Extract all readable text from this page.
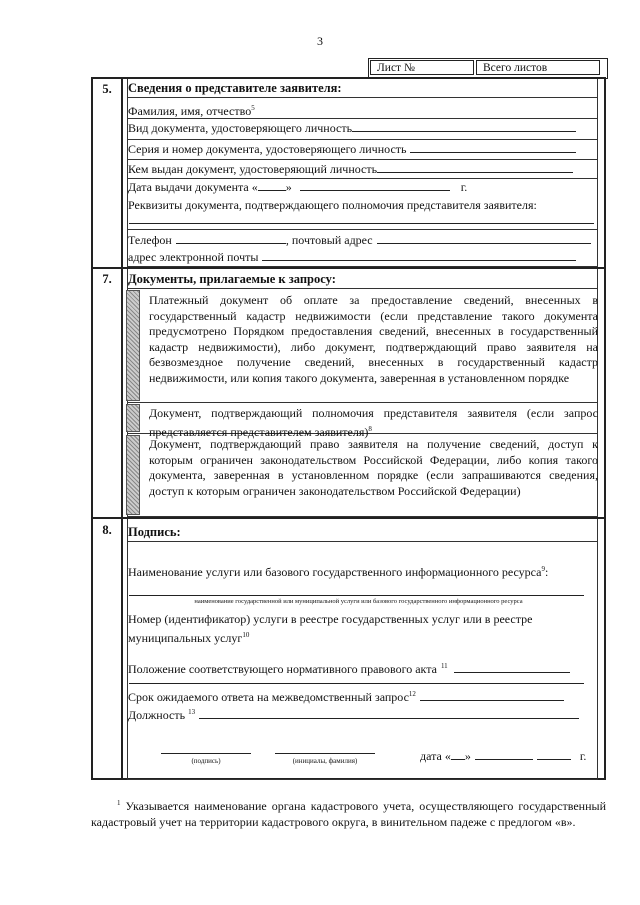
3
Лист №	Всего листов
5.	Сведения о представителе заявителя:
Фамилия, имя, отчество$^5$
Вид документа, удостоверяющего личность
Серия и номер документа, удостоверяющего личность
Кем выдан документ, удостоверяющий личность
Дата выдачи документа « »	г.
Реквизиты документа, подтверждающего полномочия представителя заявителя:
Телефон	, почтовый адрес
адрес электронной почты
7.	Документы, прилагаемые к запросу:
Платежный документ об оплате за предоставление сведений, внесенных в государственный кадастр недвижимости (если представление такого документа предусмотрено Порядком предоставления сведений, внесенных в государственный кадастр недвижимости), либо документ, подтверждающий право заявителя на безвозмездное получение сведений, внесенных в государственный кадастр недвижимости, или копия такого документа, заверенная в установленном порядке
Документ, подтверждающий полномочия представителя заявителя (если запрос представляется представителем заявителя)$^8$
Документ, подтверждающий право заявителя на получение сведений, доступ к которым ограничен законодательством Российской Федерации, либо копия такого документа, заверенная в установленном порядке (если запрашиваются сведения, доступ к которым ограничен законодательством Российской Федерации)
8.	Подпись:
Наименование услуги или базового государственного информационного ресурса$^9$:
наименование государственной или муниципальной услуги или базового государственного информационного ресурса
Номер (идентификатор) услуги в реестре государственных услуг или в реестре
муниципальных услуг$^{10}$
Положение соответствующего нормативного правового акта $^{11}$
Срок ожидаемого ответа на межведомственный запрос$^{12}$
Должность $^{13}$
(подпись)	(инициалы, фамилия)	дата « »	г.
$^1$ Указывается наименование органа кадастрового учета, осуществляющего государственный кадастровый учет на территории кадастрового округа, в винительном падеже с предлогом «в».
